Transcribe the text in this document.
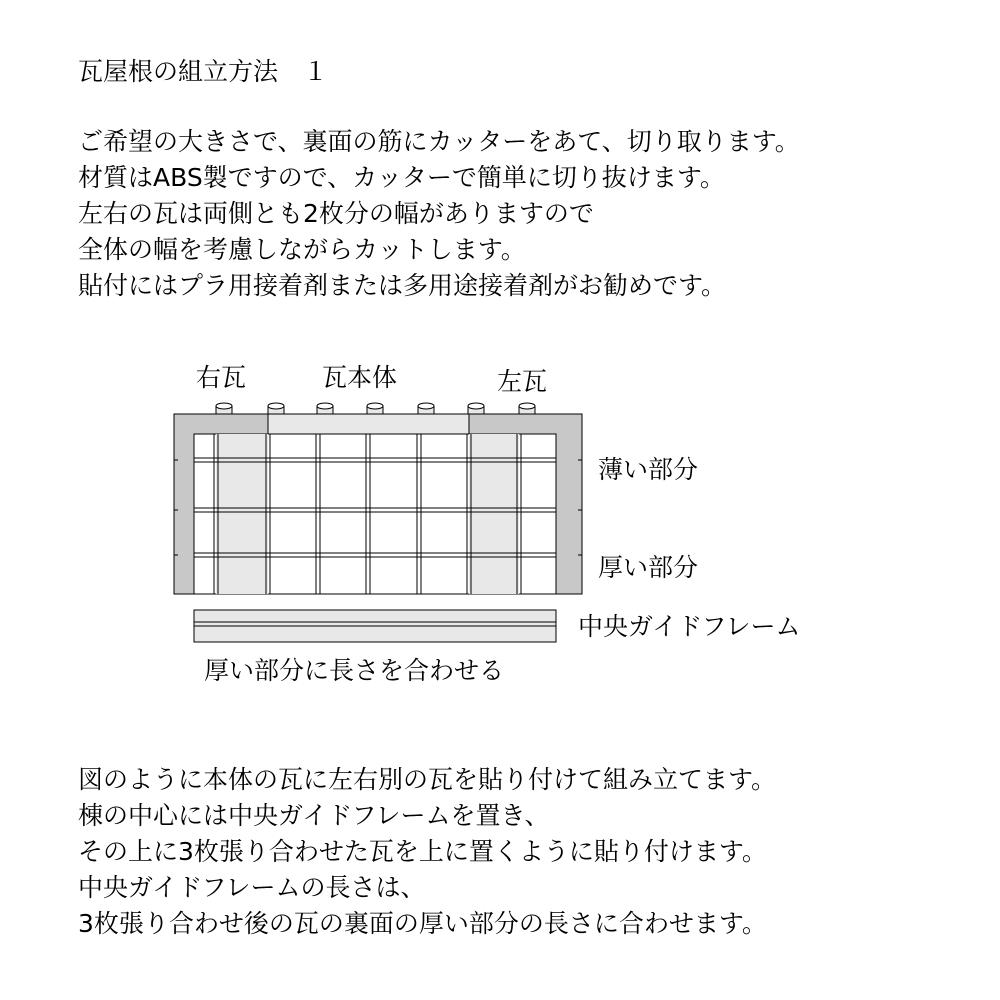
瓦屋根の組立方法　１
ご希望の大きさで、裏面の筋にカッターをあて、切り取ります。
材質はABS製ですので、カッターで簡単に切り抜けます。
左右の瓦は両側とも2枚分の幅がありますので
全体の幅を考慮しながらカットします。
貼付にはプラ用接着剤または多用途接着剤がお勧めです。
右瓦	瓦本体	左瓦
薄い部分
厚い部分
中央ガイドフレーム
厚い部分に長さを合わせる
図のように本体の瓦に左右別の瓦を貼り付けて組み立てます。
棟の中心には中央ガイドフレームを置き、
その上に3枚張り合わせた瓦を上に置くように貼り付けます。
中央ガイドフレームの長さは、
3枚張り合わせ後の瓦の裏面の厚い部分の長さに合わせます。
